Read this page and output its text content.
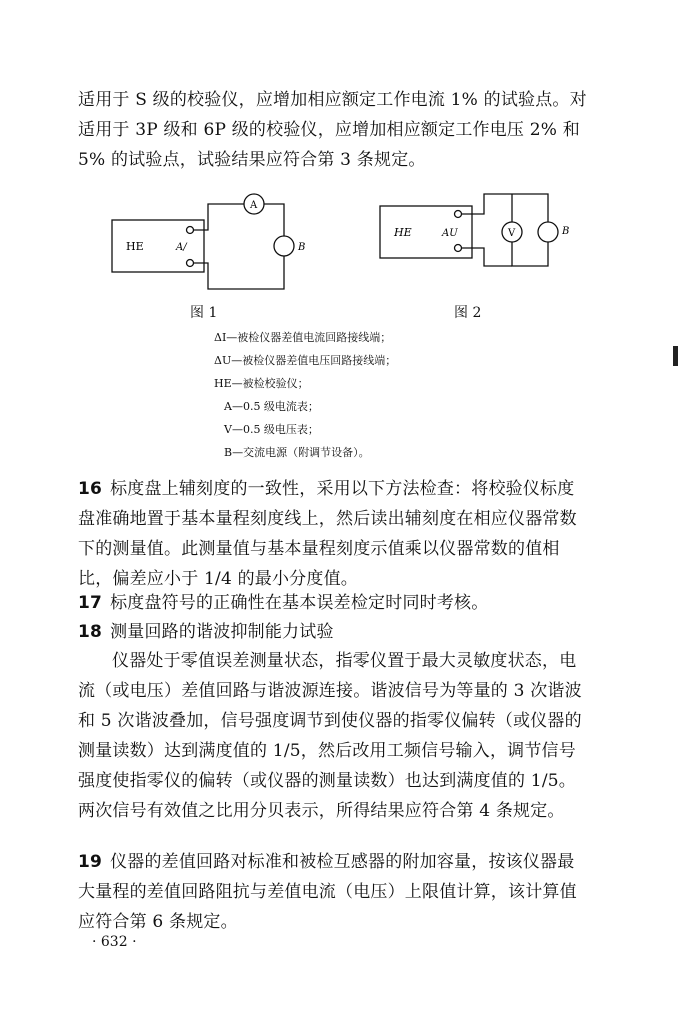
适用于 S 级的校验仪，应增加相应额定工作电流 1% 的试验点。对适用于 3P 级和 6P 级的校验仪，应增加相应额定工作电压 2% 和 5% 的试验点，试验结果应符合第 3 条规定。

HE	A/
A
B
HE	AU	V	B
图 1	图 2
ΔI—被检仪器差值电流回路接线端；
ΔU—被检仪器差值电压回路接线端；
HE—被检校验仪；
A—0.5 级电流表；
V—0.5 级电压表；
B—交流电源（附调节设备）。

16 标度盘上辅刻度的一致性，采用以下方法检查：将校验仪标度盘准确地置于基本量程刻度线上，然后读出辅刻度在相应仪器常数下的测量值。此测量值与基本量程刻度示值乘以仪器常数的值相比，偏差应小于 1/4 的最小分度值。

17 标度盘符号的正确性在基本误差检定时同时考核。

18 测量回路的谐波抑制能力试验

仪器处于零值误差测量状态，指零仪置于最大灵敏度状态，电流（或电压）差值回路与谐波源连接。谐波信号为等量的 3 次谐波和 5 次谐波叠加，信号强度调节到使仪器的指零仪偏转（或仪器的测量读数）达到满度值的 1/5，然后改用工频信号输入，调节信号强度使指零仪的偏转（或仪器的测量读数）也达到满度值的 1/5。两次信号有效值之比用分贝表示，所得结果应符合第 4 条规定。

19 仪器的差值回路对标准和被检互感器的附加容量，按该仪器最大量程的差值回路阻抗与差值电流（电压）上限值计算，该计算值应符合第 6 条规定。

· 632 ·
